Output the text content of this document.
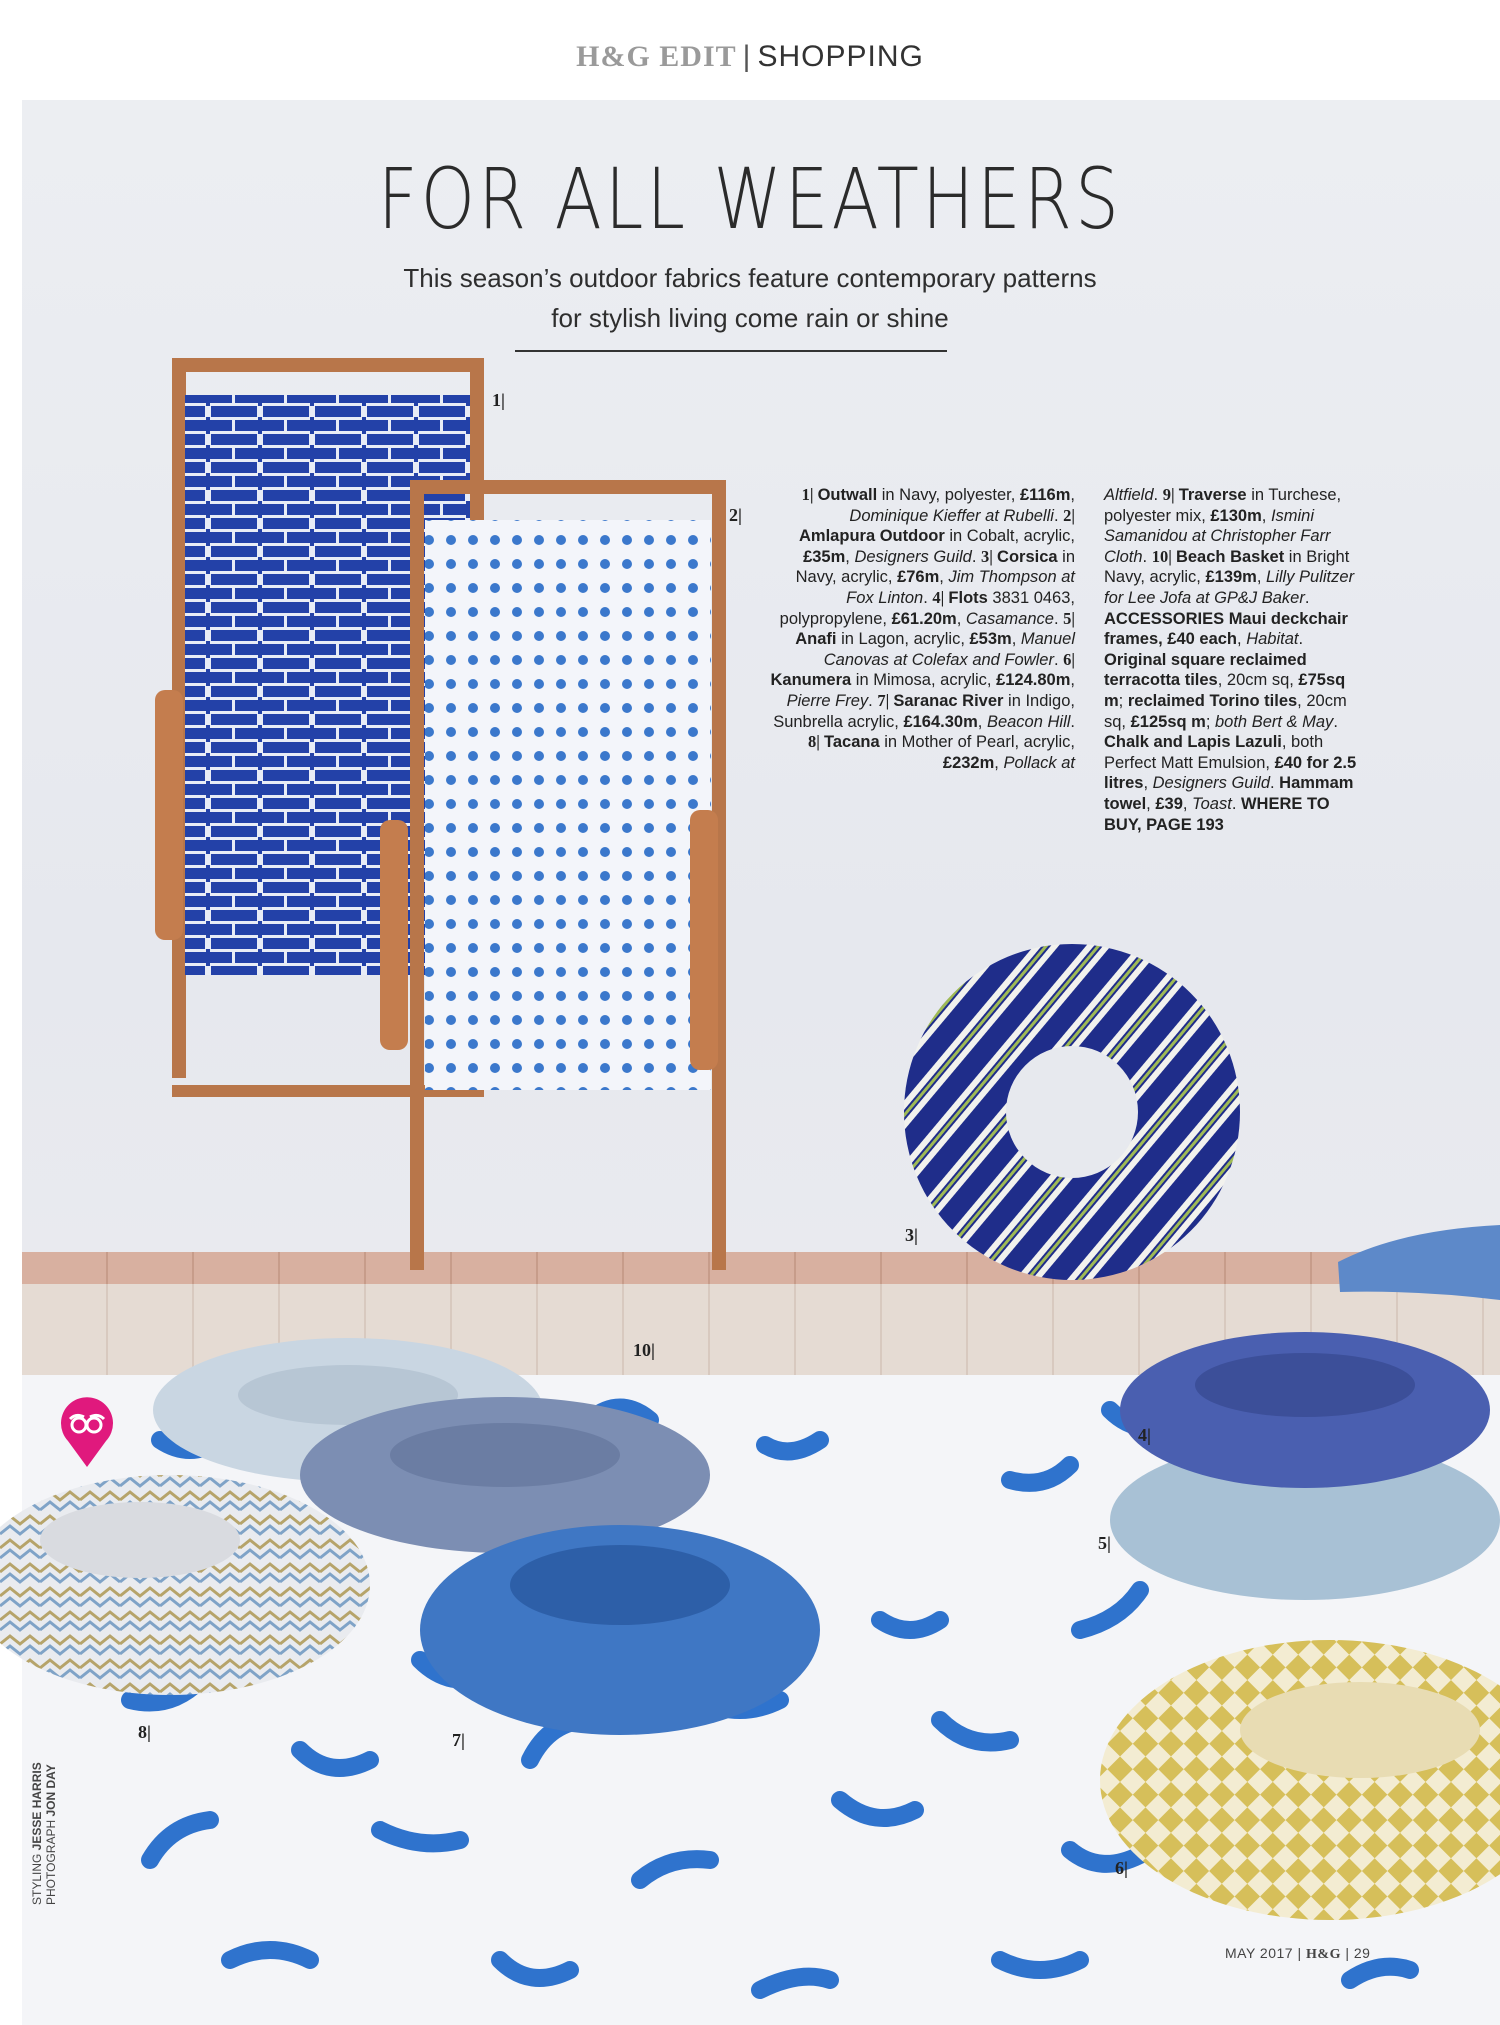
H&G EDIT | SHOPPING
FOR ALL WEATHERS
This season’s outdoor fabrics feature contemporary patterns
for stylish living come rain or shine
1| Outwall in Navy, polyester, £116m, Dominique Kieffer at Rubelli. 2| Amlapura Outdoor in Cobalt, acrylic, £35m, Designers Guild. 3| Corsica in Navy, acrylic, £76m, Jim Thompson at Fox Linton. 4| Flots 3831 0463, polypropylene, £61.20m, Casamance. 5| Anafi in Lagon, acrylic, £53m, Manuel Canovas at Colefax and Fowler. 6| Kanumera in Mimosa, acrylic, £124.80m, Pierre Frey. 7| Saranac River in Indigo, Sunbrella acrylic, £164.30m, Beacon Hill. 8| Tacana in Mother of Pearl, acrylic, £232m, Pollack at
Altfield. 9| Traverse in Turchese, polyester mix, £130m, Ismini Samanidou at Christopher Farr Cloth. 10| Beach Basket in Bright Navy, acrylic, £139m, Lilly Pulitzer for Lee Jofa at GP&J Baker. ACCESSORIES Maui deckchair frames, £40 each, Habitat. Original square reclaimed terracotta tiles, 20cm sq, £75sq m; reclaimed Torino tiles, 20cm sq, £125sq m; both Bert & May. Chalk and Lapis Lazuli, both Perfect Matt Emulsion, £40 for 2.5 litres, Designers Guild. Hammam towel, £39, Toast. WHERE TO BUY, PAGE 193
1|
2|
3|
4|
5|
6|
7|
8|
10|
STYLING JESSE HARRIS
PHOTOGRAPH JON DAY
MAY 2017 | H&G | 29
